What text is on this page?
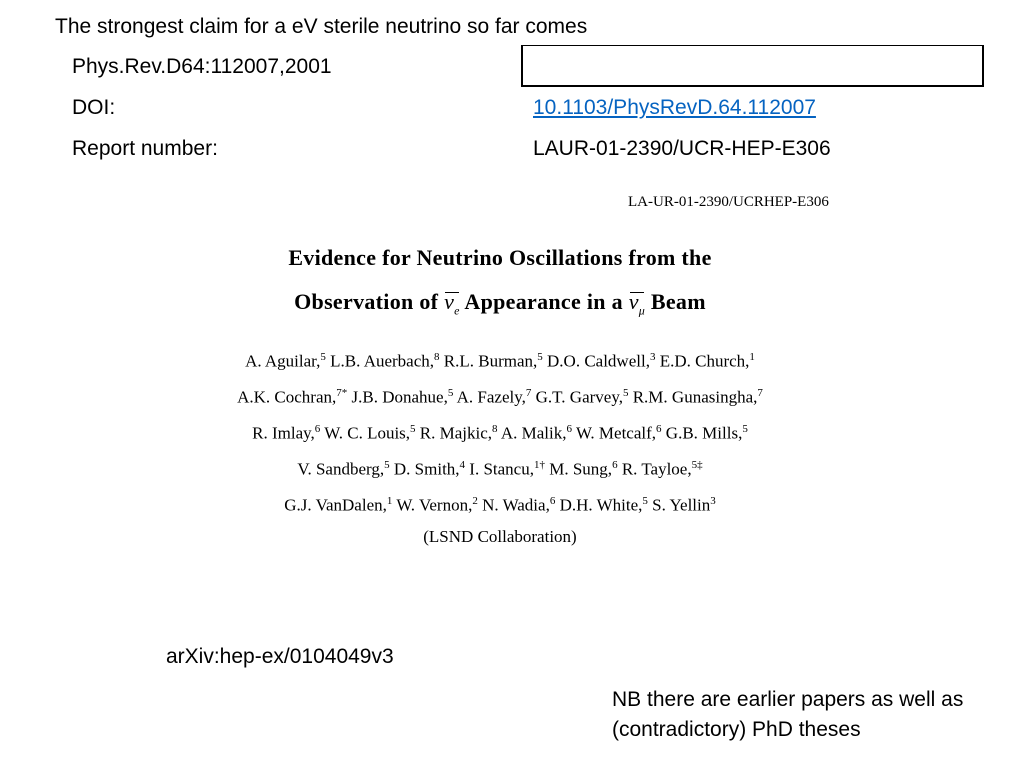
The strongest claim for a eV sterile neutrino so far comes
Phys.Rev.D64:112007,2001
DOI:	10.1103/PhysRevD.64.112007
Report number:	LAUR-01-2390/UCR-HEP-E306
LA-UR-01-2390/UCRHEP-E306
Evidence for Neutrino Oscillations from the
Observation of $\nu_e$ Appearance in a $\nu_\mu$ Beam
A. Aguilar,$^5$ L.B. Auerbach,$^8$ R.L. Burman,$^5$ D.O. Caldwell,$^3$ E.D. Church,$^1$
A.K. Cochran,$^{7*}$ J.B. Donahue,$^5$ A. Fazely,$^7$ G.T. Garvey,$^5$ R.M. Gunasingha,$^7$
R. Imlay,$^6$ W. C. Louis,$^5$ R. Majkic,$^8$ A. Malik,$^6$ W. Metcalf,$^6$ G.B. Mills,$^5$
V. Sandberg,$^5$ D. Smith,$^4$ I. Stancu,$^{1\dagger}$ M. Sung,$^6$ R. Tayloe,$^{5\ddagger}$
G.J. VanDalen,$^1$ W. Vernon,$^2$ N. Wadia,$^6$ D.H. White,$^5$ S. Yellin$^3$
(LSND Collaboration)
arXiv:hep-ex/0104049v3
NB there are earlier papers as well as
(contradictory) PhD theses
